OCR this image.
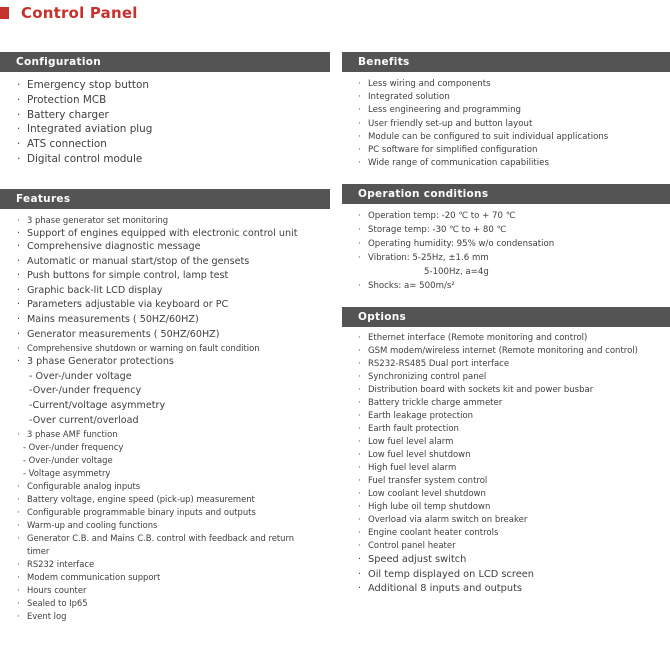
Control Panel
Configuration
· Emergency stop button
· Protection MCB
· Battery charger
· Integrated aviation plug
· ATS connection
· Digital control module
Features
· 3 phase generator set monitoring
· Support of engines equipped with electronic control unit
· Comprehensive diagnostic message
· Automatic or manual start/stop of the gensets
· Push buttons for simple control, lamp test
· Graphic back-lit LCD display
· Parameters adjustable via keyboard or PC
· Mains measurements ( 50HZ/60HZ)
· Generator measurements ( 50HZ/60HZ)
· Comprehensive shutdown or warning on fault condition
· 3 phase Generator protections
- Over-/under voltage
-Over-/under frequency
-Current/voltage asymmetry
-Over current/overload
· 3 phase AMF function
- Over-/under frequency
- Over-/under voltage
- Voltage asymmetry
· Configurable analog inputs
· Battery voltage, engine speed (pick-up) measurement
· Configurable programmable binary inputs and outputs
· Warm-up and cooling functions
· Generator C.B. and Mains C.B. control with feedback and return timer
· RS232 interface
· Modem communication support
· Hours counter
· Sealed to Ip65
· Event log
Benefits
· Less wiring and components
· Integrated solution
· Less engineering and programming
· User friendly set-up and button layout
· Module can be configured to suit individual applications
· PC software for simplified configuration
· Wide range of communication capabilities
Operation conditions
· Operation temp: -20 ℃ to + 70 ℃
· Storage temp: -30 ℃ to + 80 ℃
· Operating humidity: 95% w/o condensation
· Vibration: 5-25Hz, ±1.6 mm
5-100Hz, a=4g
· Shocks: a= 500m/s²
Options
· Ethernet interface (Remote monitoring and control)
· GSM modem/wireless internet (Remote monitoring and control)
· RS232-RS485 Dual port interface
· Synchronizing control panel
· Distribution board with sockets kit and power busbar
· Battery trickle charge ammeter
· Earth leakage protection
· Earth fault protection
· Low fuel level alarm
· Low fuel level shutdown
· High fuel level alarm
· Fuel transfer system control
· Low coolant level shutdown
· High lube oil temp shutdown
· Overload via alarm switch on breaker
· Engine coolant heater controls
· Control panel heater
· Speed adjust switch
· Oil temp displayed on LCD screen
· Additional 8 inputs and outputs
